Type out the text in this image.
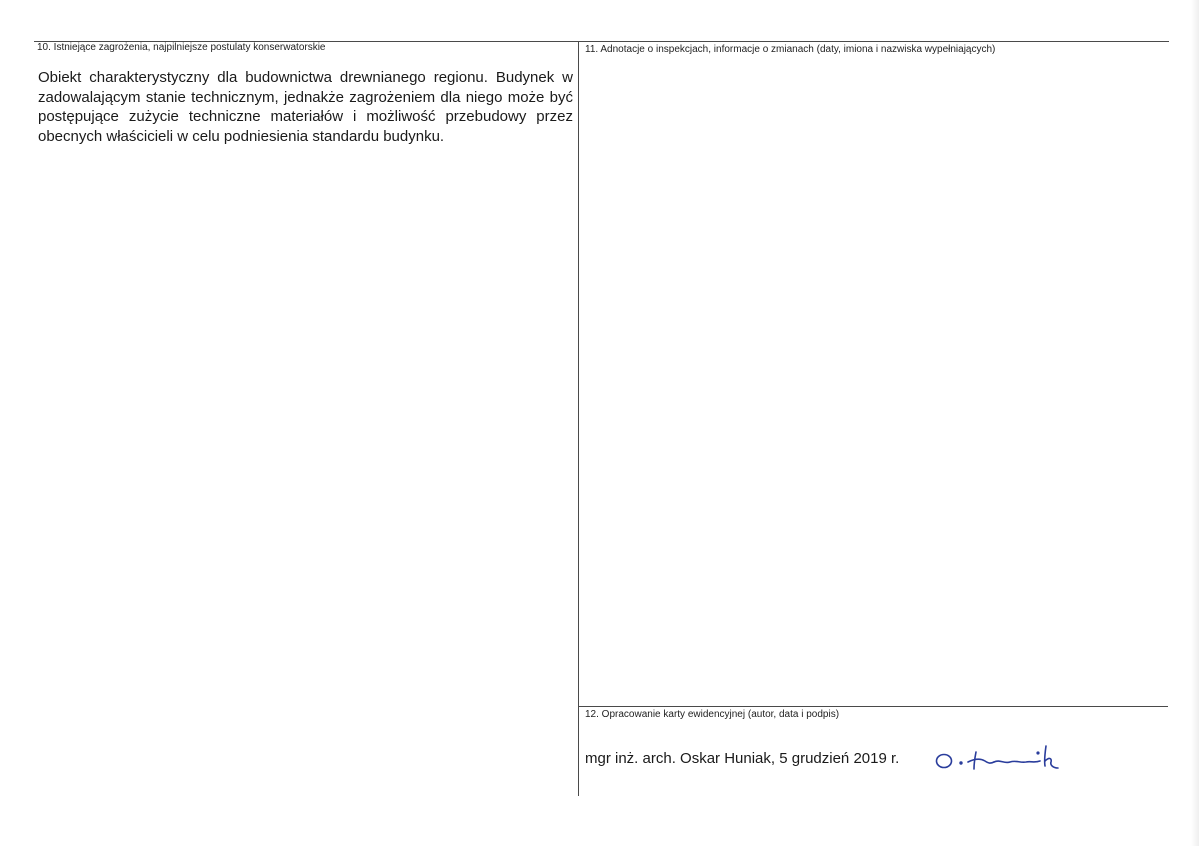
10. Istniejące zagrożenia, najpilniejsze postulaty konserwatorskie
Obiekt charakterystyczny dla budownictwa drewnianego regionu. Budynek w zadowalającym stanie technicznym, jednakże zagrożeniem dla niego może być postępujące zużycie techniczne materiałów i możliwość przebudowy przez obecnych właścicieli w celu podniesienia standardu budynku.
11. Adnotacje o inspekcjach, informacje o zmianach (daty, imiona i nazwiska wypełniających)
12. Opracowanie karty ewidencyjnej (autor, data i podpis)
mgr inż. arch. Oskar Huniak, 5 grudzień 2019 r.
